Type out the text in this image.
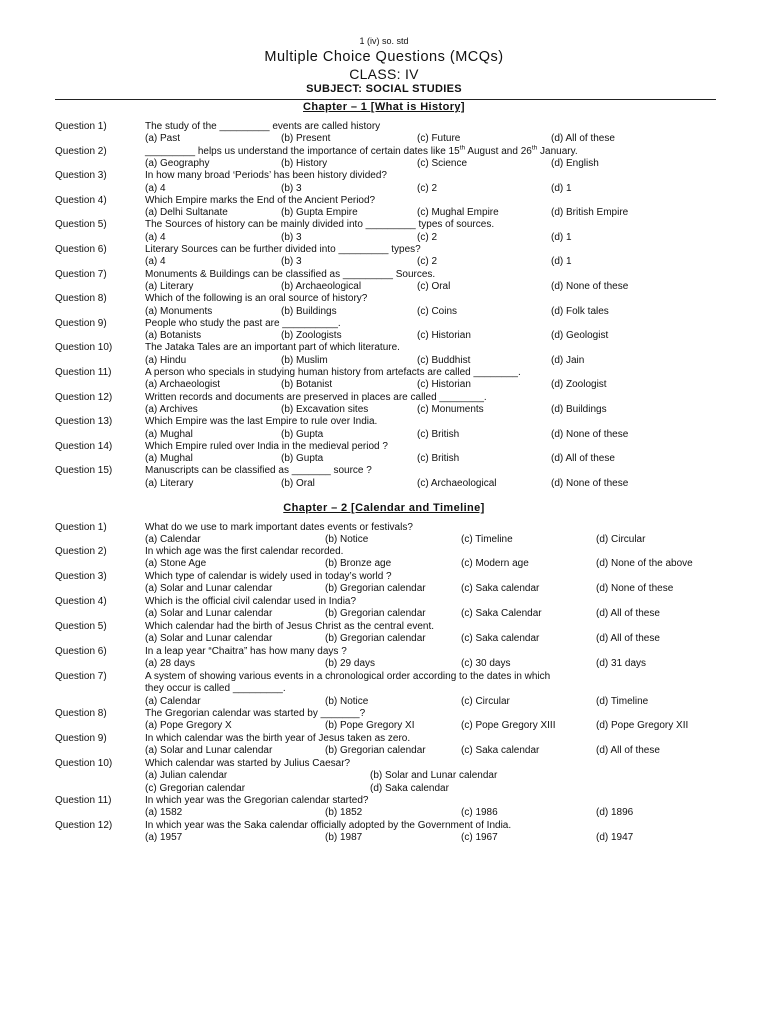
1 (iv) so. std
Multiple Choice Questions (MCQs)
CLASS: IV
SUBJECT: SOCIAL STUDIES
Chapter – 1 [What is History]
Question 1)	The study of the _________ events are called history
(a) Past	(b) Present	(c) Future	(d) All of these
Question 2)	_________ helps us understand the importance of certain dates like 15th August and 26th January.
(a) Geography	(b) History	(c) Science	(d) English
Question 3)	In how many broad ‘Periods’ has been history divided?
(a) 4	(b) 3	(c) 2	(d) 1
Question 4)	Which Empire marks the End of the Ancient Period?
(a) Delhi Sultanate	(b) Gupta Empire	(c) Mughal Empire	(d) British Empire
Question 5)	The Sources of history can be mainly divided into _________ types of sources.
(a) 4	(b) 3	(c) 2	(d) 1
Question 6)	Literary Sources can be further divided into _________ types?
(a) 4	(b) 3	(c) 2	(d) 1
Question 7)	Monuments & Buildings can be classified as _________ Sources.
(a) Literary	(b) Archaeological	(c) Oral	(d) None of these
Question 8)	Which of the following is an oral source of history?
(a) Monuments	(b) Buildings	(c) Coins	(d) Folk tales
Question 9)	People who study the past are __________.
(a) Botanists	(b) Zoologists	(c) Historian	(d) Geologist
Question 10)	The Jataka Tales are an important part of which literature.
(a) Hindu	(b) Muslim	(c) Buddhist	(d) Jain
Question 11)	A person who specials in studying human history from artefacts are called ________.
(a) Archaeologist	(b) Botanist	(c) Historian	(d) Zoologist
Question 12)	Written records and documents are preserved in places are called ________.
(a) Archives	(b) Excavation sites	(c) Monuments	(d) Buildings
Question 13)	Which Empire was the last Empire to rule over India.
(a) Mughal	(b) Gupta	(c) British	(d) None of these
Question 14)	Which Empire ruled over India in the medieval period ?
(a) Mughal	(b) Gupta	(c) British	(d) All of these
Question 15)	Manuscripts can be classified as _______ source ?
(a) Literary	(b) Oral	(c) Archaeological	(d) None of these
Chapter – 2 [Calendar and Timeline]
Question 1)	What do we use to mark important dates events or festivals?
(a) Calendar	(b) Notice	(c) Timeline	(d) Circular
Question 2)	In which age was the first calendar recorded.
(a) Stone Age	(b) Bronze age	(c) Modern age	(d) None of the above
Question 3)	Which type of calendar is widely used in today’s world ?
(a) Solar and Lunar calendar	(b) Gregorian calendar	(c) Saka calendar	(d) None of these
Question 4)	Which is the official civil calendar used in India?
(a) Solar and Lunar calendar	(b) Gregorian calendar	(c) Saka Calendar	(d) All of these
Question 5)	Which calendar had the birth of Jesus Christ as the central event.
(a) Solar and Lunar calendar	(b) Gregorian calendar	(c) Saka calendar	(d) All of these
Question 6)	In a leap year “Chaitra” has how many days ?
(a) 28 days	(b) 29 days	(c) 30 days	(d) 31 days
Question 7)	A system of showing various events in a chronological order according to the dates in which
they occur is called _________.
(a) Calendar	(b) Notice	(c) Circular	(d) Timeline
Question 8)	The Gregorian calendar was started by _______?
(a) Pope Gregory X	(b) Pope Gregory XI	(c) Pope Gregory XIII	(d) Pope Gregory XII
Question 9)	In which calendar was the birth year of Jesus taken as zero.
(a) Solar and Lunar calendar	(b) Gregorian calendar	(c) Saka calendar	(d) All of these
Question 10)	Which calendar was started by Julius Caesar?
(a) Julian calendar	(b) Solar and Lunar calendar
(c) Gregorian calendar	(d) Saka calendar
Question 11)	In which year was the Gregorian calendar started?
(a) 1582	(b) 1852	(c) 1986	(d) 1896
Question 12)	In which year was the Saka calendar officially adopted by the Government of India.
(a) 1957	(b) 1987	(c) 1967	(d) 1947
